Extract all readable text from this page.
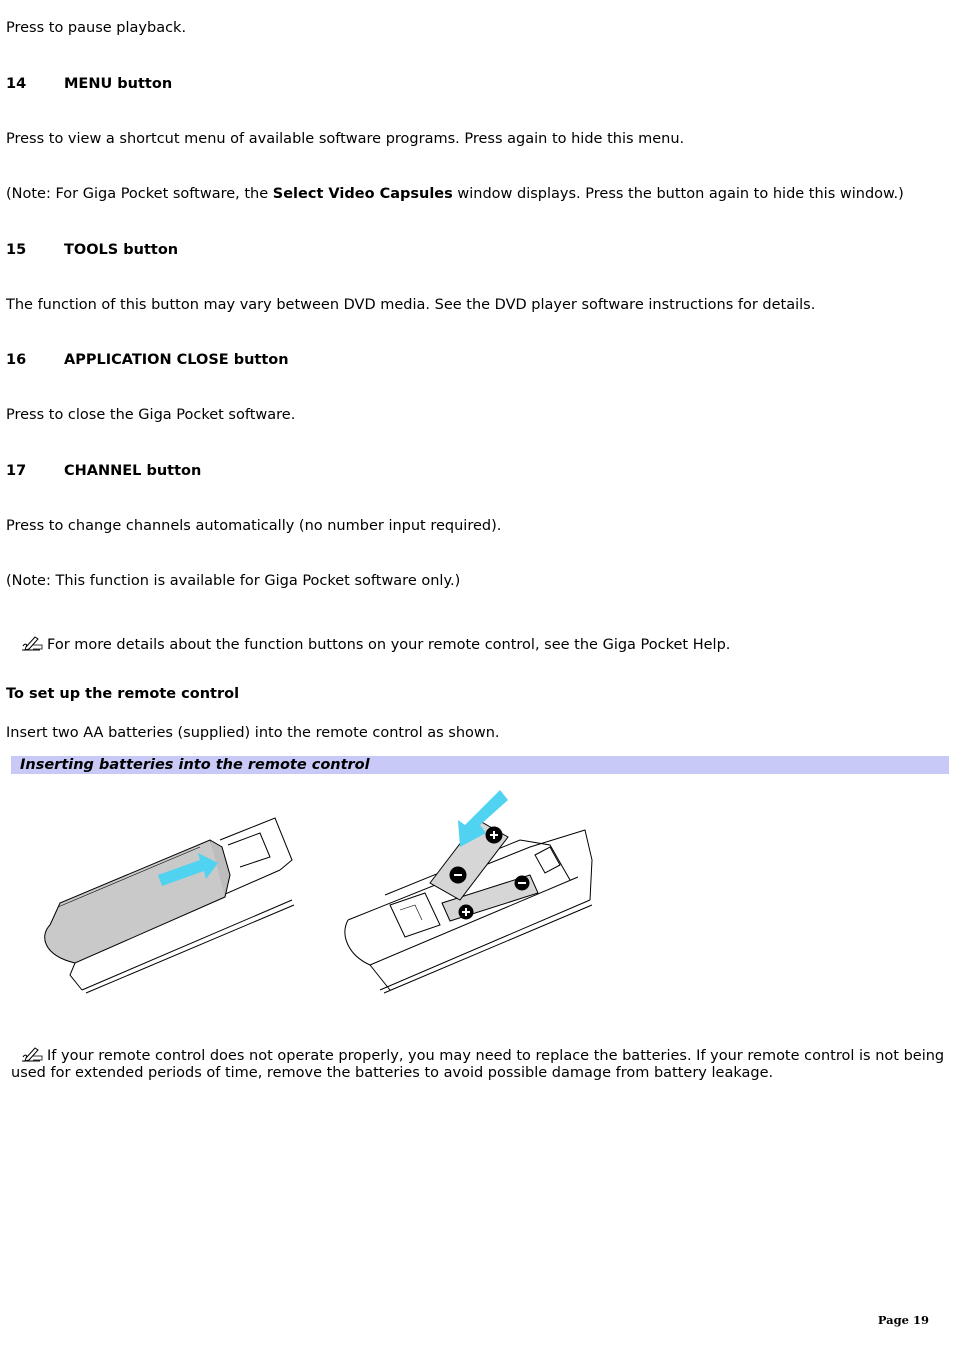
Press to pause playback.

14	MENU button

Press to view a shortcut menu of available software programs. Press again to hide this menu.

(Note: For Giga Pocket software, the Select Video Capsules window displays. Press the button again to hide this window.)

15	TOOLS button

The function of this button may vary between DVD media. See the DVD player software instructions for details.

16	APPLICATION CLOSE button

Press to close the Giga Pocket software.

17	CHANNEL button

Press to change channels automatically (no number input required).

(Note: This function is available for Giga Pocket software only.)

For more details about the function buttons on your remote control, see the Giga Pocket Help.

To set up the remote control

Insert two AA batteries (supplied) into the remote control as shown.

Inserting batteries into the remote control

If your remote control does not operate properly, you may need to replace the batteries. If your remote control is not being used for extended periods of time, remove the batteries to avoid possible damage from battery leakage.

Page 19
